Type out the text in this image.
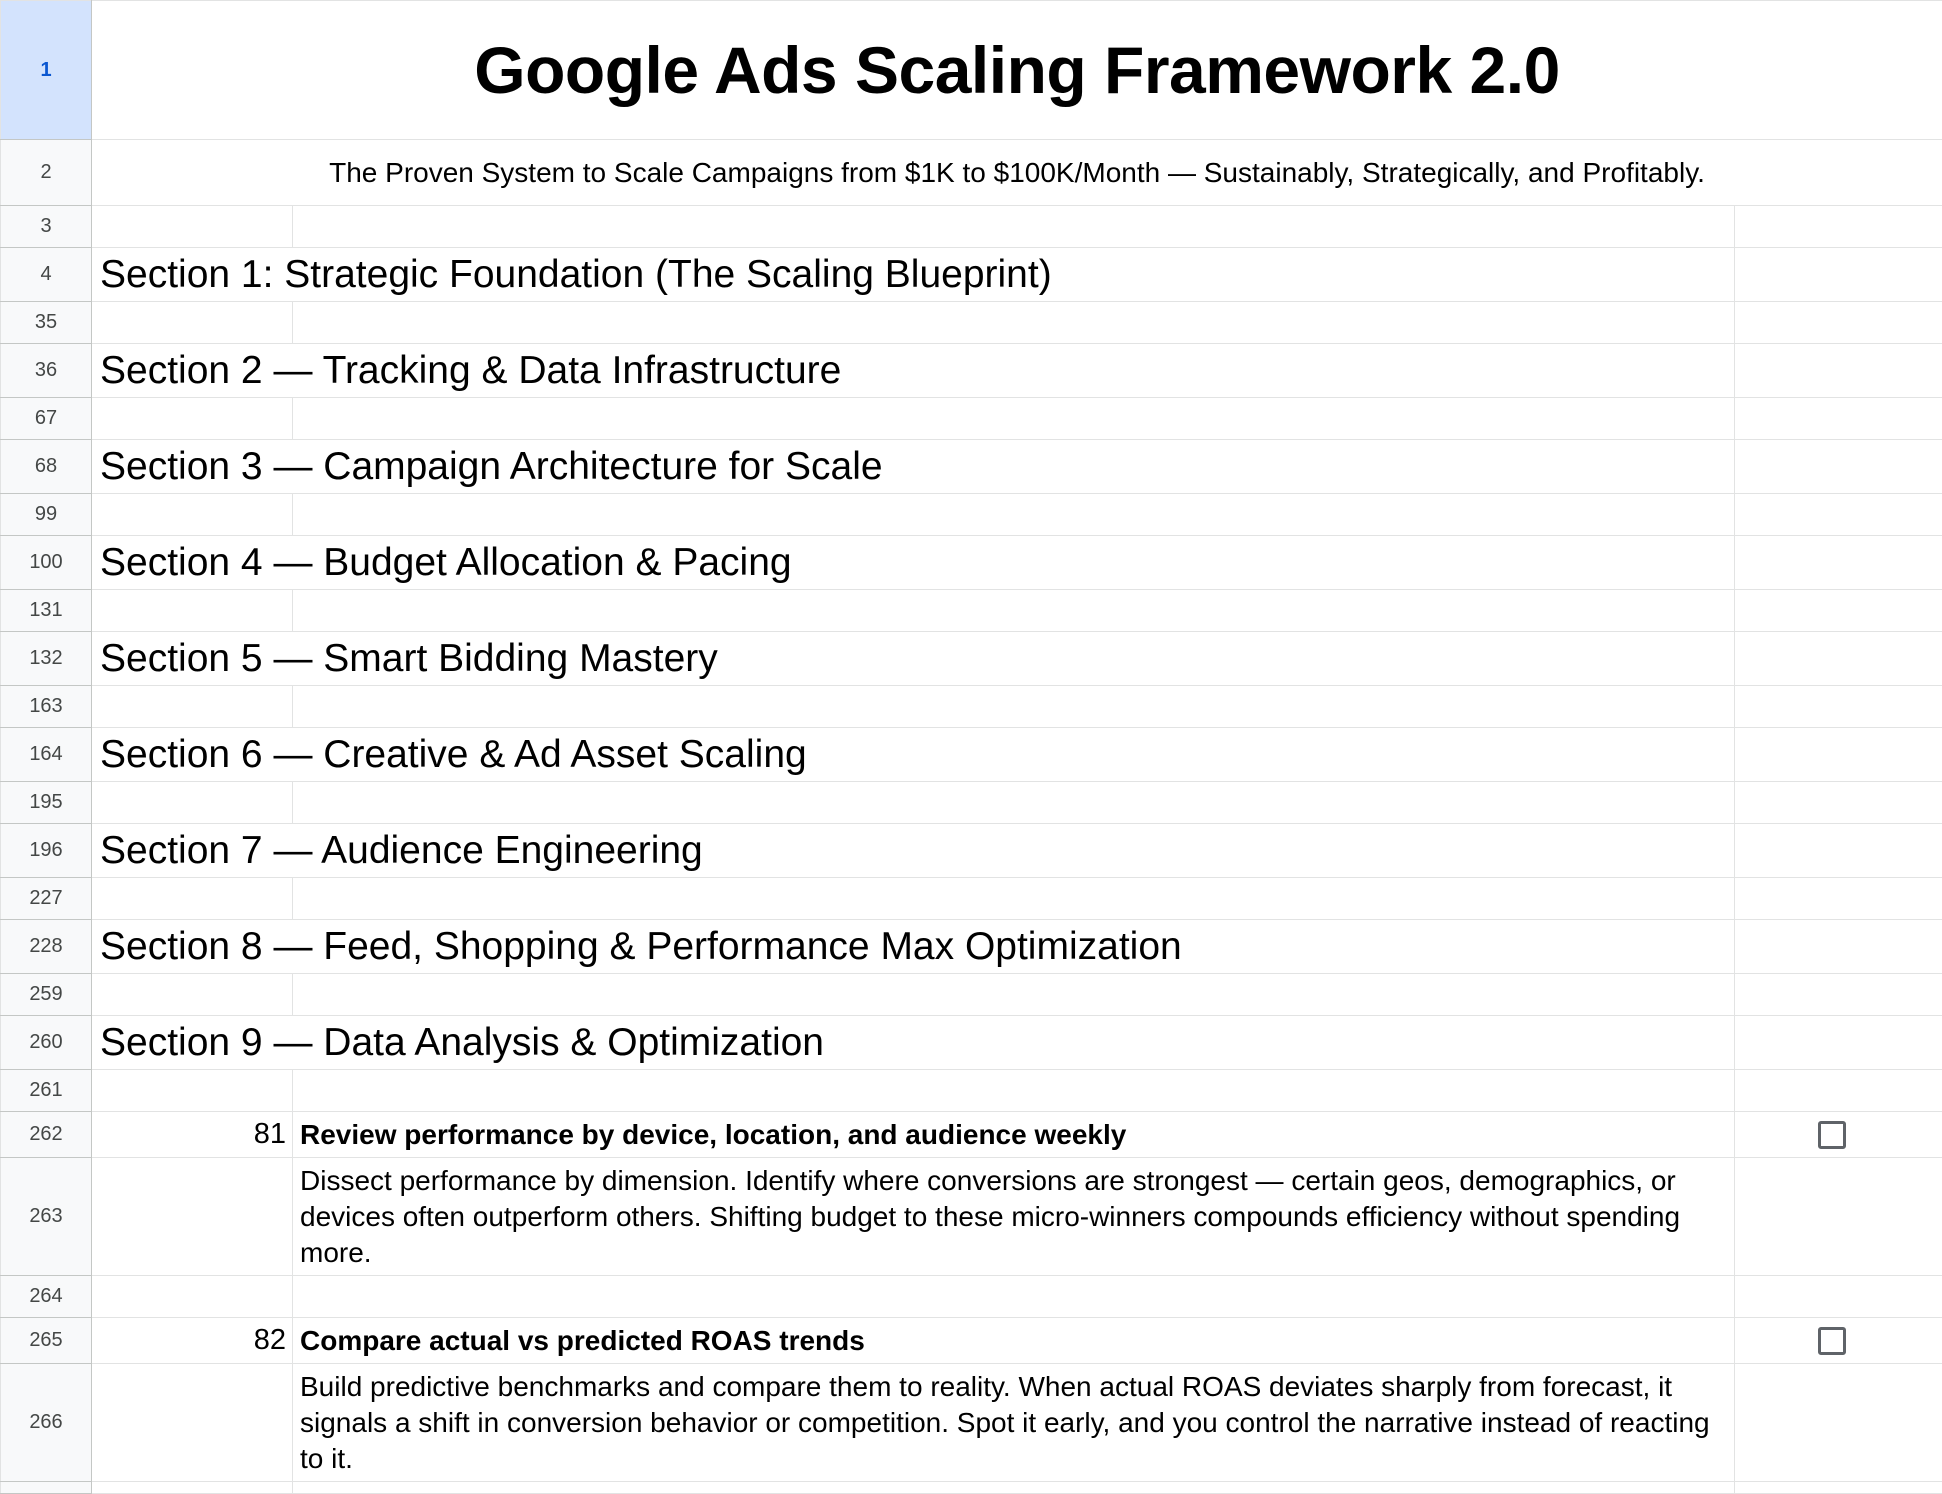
1	Google Ads Scaling Framework 2.0		
2	The Proven System to Scale Campaigns from $1K to $100K/Month — Sustainably, Strategically, and Profitably.		
3			
4	Section 1: Strategic Foundation (The Scaling Blueprint)		
35			
36	Section 2 — Tracking & Data Infrastructure		
67			
68	Section 3 — Campaign Architecture for Scale		
99			
100	Section 4 — Budget Allocation & Pacing		
131			
132	Section 5 — Smart Bidding Mastery		
163			
164	Section 6 — Creative & Ad Asset Scaling		
195			
196	Section 7 — Audience Engineering		
227			
228	Section 8 — Feed, Shopping & Performance Max Optimization		
259			
260	Section 9 — Data Analysis & Optimization		
261			
262	81	Review performance by device, location, and audience weekly	
263		Dissect performance by dimension. Identify where conversions are strongest — certain geos, demographics, or devices often outperform others. Shifting budget to these micro-winners compounds efficiency without spending more.	
264			
265	82	Compare actual vs predicted ROAS trends	
266		Build predictive benchmarks and compare them to reality. When actual ROAS deviates sharply from forecast, it signals a shift in conversion behavior or competition. Spot it early, and you control the narrative instead of reacting to it.	
